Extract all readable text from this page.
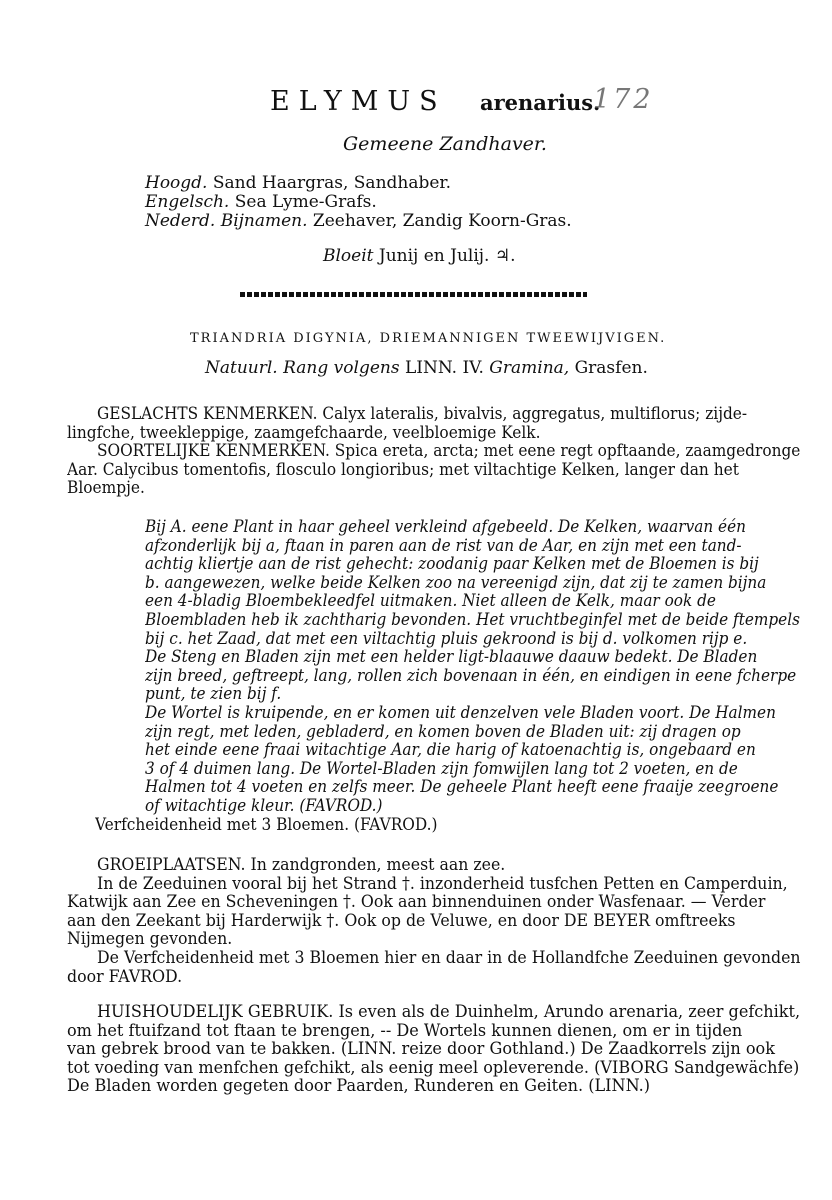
ELYMUS arenarius.
172
Gemeene Zandhaver.
Hoogd. Sand Haargras, Sandhaber.
Engelsch. Sea Lyme-Grafs.
Nederd. Bijnamen. Zeehaver, Zandig Koorn-Gras.
Bloeit Junij en Julij. ♃.
TRIANDRIA DIGYNIA, DRIEMANNIGEN TWEEWIJVIGEN.
Natuurl. Rang volgens LINN. IV. Gramina, Grasfen.
GESLACHTS KENMERKEN. Calyx lateralis, bivalvis, aggregatus, multiflorus; zijde-
lingfche, tweekleppige, zaamgefchaarde, veelbloemige Kelk.
SOORTELIJKE KENMERKEN. Spica ereta, arcta; met eene regt opftaande, zaamgedronge
Aar. Calycibus tomentofis, flosculo longioribus; met viltachtige Kelken, langer dan het
Bloempje.
Bij A. eene Plant in haar geheel verkleind afgebeeld. De Kelken, waarvan één
afzonderlijk bij a, ftaan in paren aan de rist van de Aar, en zijn met een tand-
achtig kliertje aan de rist gehecht: zoodanig paar Kelken met de Bloemen is bij
b. aangewezen, welke beide Kelken zoo na vereenigd zijn, dat zij te zamen bijna
een 4-bladig Bloembekleedfel uitmaken. Niet alleen de Kelk, maar ook de
Bloembladen heb ik zachtharig bevonden. Het vruchtbeginfel met de beide ftempels
bij c. het Zaad, dat met een viltachtig pluis gekroond is bij d. volkomen rijp e.
De Steng en Bladen zijn met een helder ligt-blaauwe daauw bedekt. De Bladen
zijn breed, geftreept, lang, rollen zich bovenaan in één, en eindigen in eene fcherpe
punt, te zien bij f.
De Wortel is kruipende, en er komen uit denzelven vele Bladen voort. De Halmen
zijn regt, met leden, gebladerd, en komen boven de Bladen uit: zij dragen op
het einde eene fraai witachtige Aar, die harig of katoenachtig is, ongebaard en
3 of 4 duimen lang. De Wortel-Bladen zijn fomwijlen lang tot 2 voeten, en de
Halmen tot 4 voeten en zelfs meer. De geheele Plant heeft eene fraaije zeegroene
of witachtige kleur. (FAVROD.)
Verfcheidenheid met 3 Bloemen. (FAVROD.)
GROEIPLAATSEN. In zandgronden, meest aan zee.
In de Zeeduinen vooral bij het Strand †. inzonderheid tusfchen Petten en Camperduin,
Katwijk aan Zee en Scheveningen †. Ook aan binnenduinen onder Wasfenaar. — Verder
aan den Zeekant bij Harderwijk †. Ook op de Veluwe, en door DE BEYER omftreeks
Nijmegen gevonden.
De Verfcheidenheid met 3 Bloemen hier en daar in de Hollandfche Zeeduinen gevonden
door FAVROD.
HUISHOUDELIJK GEBRUIK. Is even als de Duinhelm, Arundo arenaria, zeer gefchikt,
om het ftuifzand tot ftaan te brengen, -- De Wortels kunnen dienen, om er in tijden
van gebrek brood van te bakken. (LINN. reize door Gothland.) De Zaadkorrels zijn ook
tot voeding van menfchen gefchikt, als eenig meel opleverende. (VIBORG Sandgewächfe)
De Bladen worden gegeten door Paarden, Runderen en Geiten. (LINN.)
